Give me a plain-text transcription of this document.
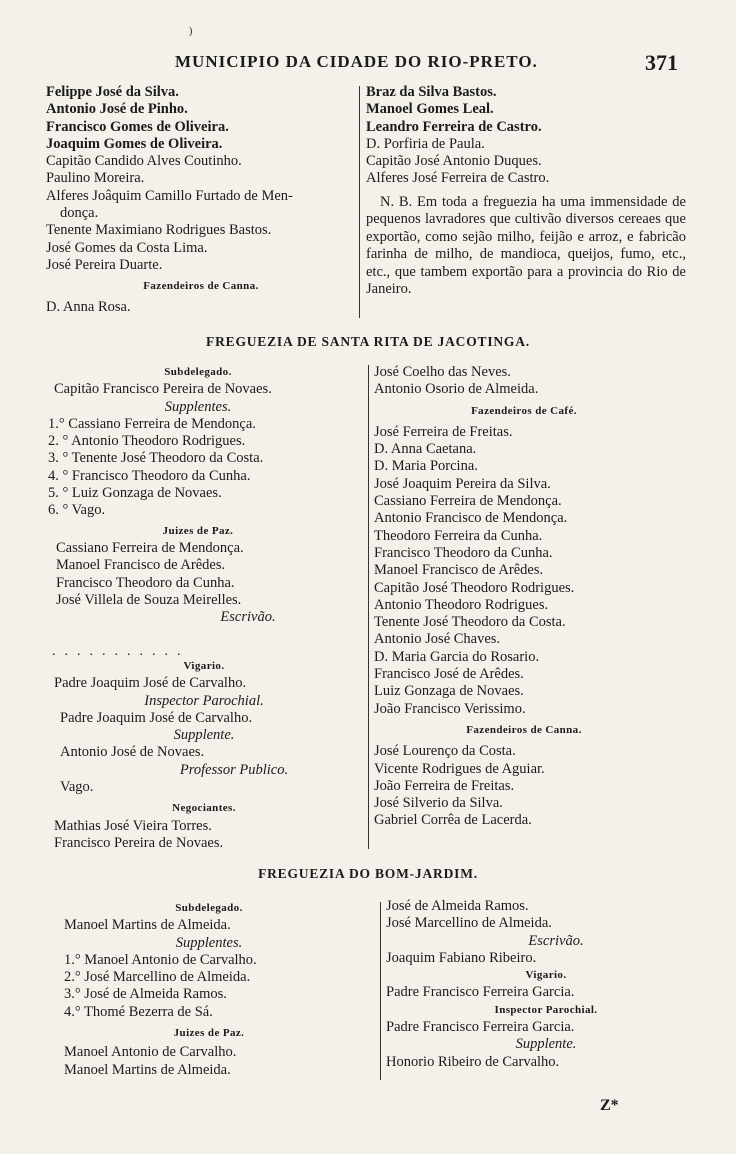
)
MUNICIPIO DA CIDADE DO RIO-PRETO.	371
Felippe José da Silva.
Antonio José de Pinho.
Francisco Gomes de Oliveira.
Joaquim Gomes de Oliveira.
Capitão Candido Alves Coutinho.
Paulino Moreira.
Alferes Joâquim Camillo Furtado de Men-
donça.
Tenente Maximiano Rodrigues Bastos.
José Gomes da Costa Lima.
José Pereira Duarte.
Fazendeiros de Canna.
D. Anna Rosa.
Braz da Silva Bastos.
Manoel Gomes Leal.
Leandro Ferreira de Castro.
D. Porfiria de Paula.
Capitão José Antonio Duques.
Alferes José Ferreira de Castro.
N. B. Em toda a freguezia ha uma immensidade de pequenos lavradores que cultivão diversos cereaes que exportão, como sejão milho, feijão e arroz, e fabricão farinha de milho, de mandioca, queijos, fumo, etc., etc., que tambem exportão para a provincia do Rio de Janeiro.
FREGUEZIA DE SANTA RITA DE JACOTINGA.
Subdelegado.
Capitão Francisco Pereira de Novaes.
Supplentes.
1.° Cassiano Ferreira de Mendonça.
2. ° Antonio Theodoro Rodrigues.
3. ° Tenente José Theodoro da Costa.
4. ° Francisco Theodoro da Cunha.
5. ° Luiz Gonzaga de Novaes.
6. ° Vago.
Juizes de Paz.
Cassiano Ferreira de Mendonça.
Manoel Francisco de Arêdes.
Francisco Theodoro da Cunha.
José Villela de Souza Meirelles.
Escrivão.
...........
Vigario.
Padre Joaquim José de Carvalho.
Inspector Parochial.
Padre Joaquim José de Carvalho.
Supplente.
Antonio José de Novaes.
Professor Publico.
Vago.
Negociantes.
Mathias José Vieira Torres.
Francisco Pereira de Novaes.
José Coelho das Neves.
Antonio Osorio de Almeida.
Fazendeiros de Café.
José Ferreira de Freitas.
D. Anna Caetana.
D. Maria Porcina.
José Joaquim Pereira da Silva.
Cassiano Ferreira de Mendonça.
Antonio Francisco de Mendonça.
Theodoro Ferreira da Cunha.
Francisco Theodoro da Cunha.
Manoel Francisco de Arêdes.
Capitão José Theodoro Rodrigues.
Antonio Theodoro Rodrigues.
Tenente José Theodoro da Costa.
Antonio José Chaves.
D. Maria Garcia do Rosario.
Francisco José de Arêdes.
Luiz Gonzaga de Novaes.
João Francisco Verissimo.
Fazendeiros de Canna.
José Lourenço da Costa.
Vicente Rodrigues de Aguiar.
João Ferreira de Freitas.
José Silverio da Silva.
Gabriel Corrêa de Lacerda.
FREGUEZIA DO BOM-JARDIM.
Subdelegado.
Manoel Martins de Almeida.
Supplentes.
1.° Manoel Antonio de Carvalho.
2.° José Marcellino de Almeida.
3.° José de Almeida Ramos.
4.° Thomé Bezerra de Sá.
Juizes de Paz.
Manoel Antonio de Carvalho.
Manoel Martins de Almeida.
José de Almeida Ramos.
José Marcellino de Almeida.
Escrivão.
Joaquim Fabiano Ribeiro.
Vigario.
Padre Francisco Ferreira Garcia.
Inspector Parochial.
Padre Francisco Ferreira Garcia.
Supplente.
Honorio Ribeiro de Carvalho.
Z*
